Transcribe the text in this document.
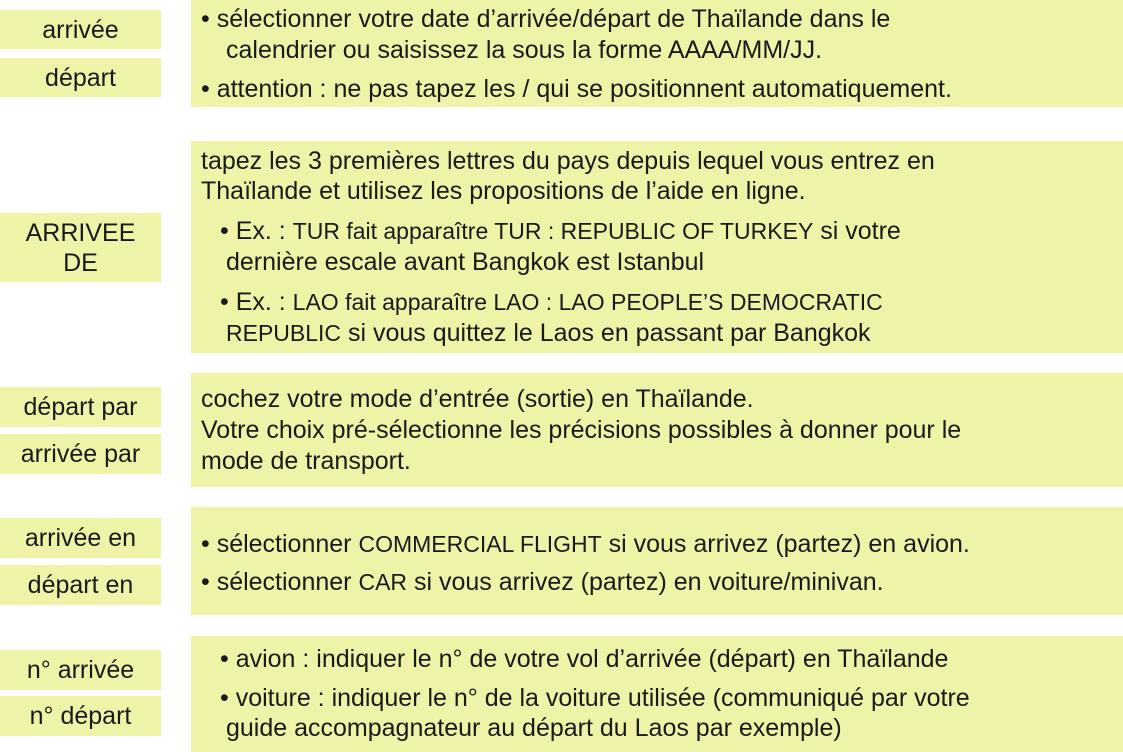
arrivée
départ
• sélectionner votre date d’arrivée/départ de Thaïlande dans le
calendrier ou saisissez la sous la forme AAAA/MM/JJ.
• attention : ne pas tapez les / qui se positionnent automatiquement.
ARRIVEE
DE
tapez les 3 premières lettres du pays depuis lequel vous entrez en
Thaïlande et utilisez les propositions de l’aide en ligne.
• Ex. : TUR fait apparaître TUR : REPUBLIC OF TURKEY si votre
dernière escale avant Bangkok est Istanbul
• Ex. : LAO fait apparaître LAO : LAO PEOPLE’S DEMOCRATIC
REPUBLIC si vous quittez le Laos en passant par Bangkok
départ par
arrivée par
cochez votre mode d’entrée (sortie) en Thaïlande.
Votre choix pré-sélectionne les précisions possibles à donner pour le
mode de transport.
arrivée en
départ en
• sélectionner COMMERCIAL FLIGHT si vous arrivez (partez) en avion.
• sélectionner CAR si vous arrivez (partez) en voiture/minivan.
n° arrivée
n° départ
• avion : indiquer le n° de votre vol d’arrivée (départ) en Thaïlande
• voiture : indiquer le n° de la voiture utilisée (communiqué par votre
guide accompagnateur au départ du Laos par exemple)
